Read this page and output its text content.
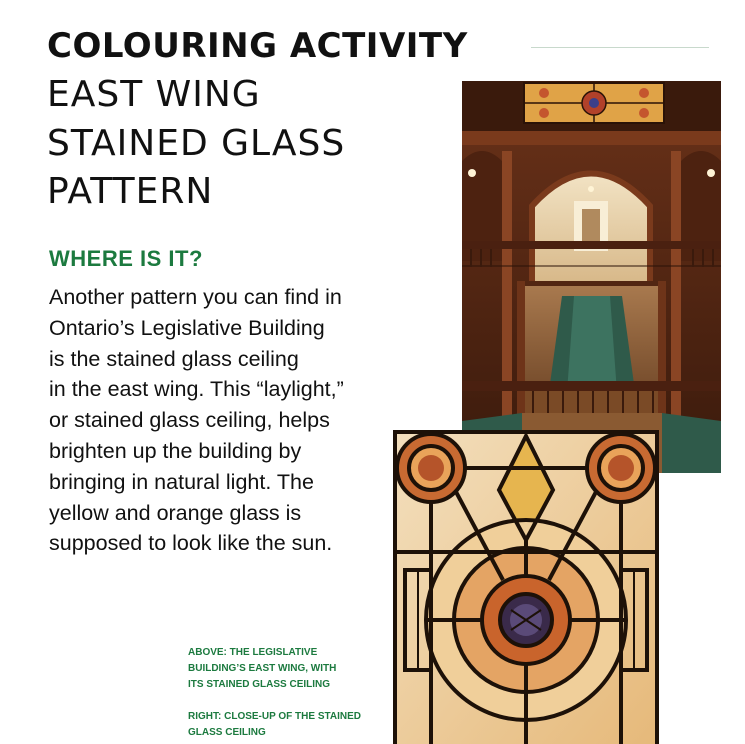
COLOURING ACTIVITY

EAST WING

STAINED GLASS

PATTERN

WHERE IS IT?
Another pattern you can find in
Ontario’s Legislative Building
is the stained glass ceiling
in the east wing. This “laylight,”
or stained glass ceiling, helps
brighten up the building by
bringing in natural light. The
yellow and orange glass is
supposed to look like the sun.
ABOVE: THE LEGISLATIVE
BUILDING’S EAST WING, WITH
ITS STAINED GLASS CEILING
RIGHT: CLOSE-UP OF THE STAINED
GLASS CEILING
